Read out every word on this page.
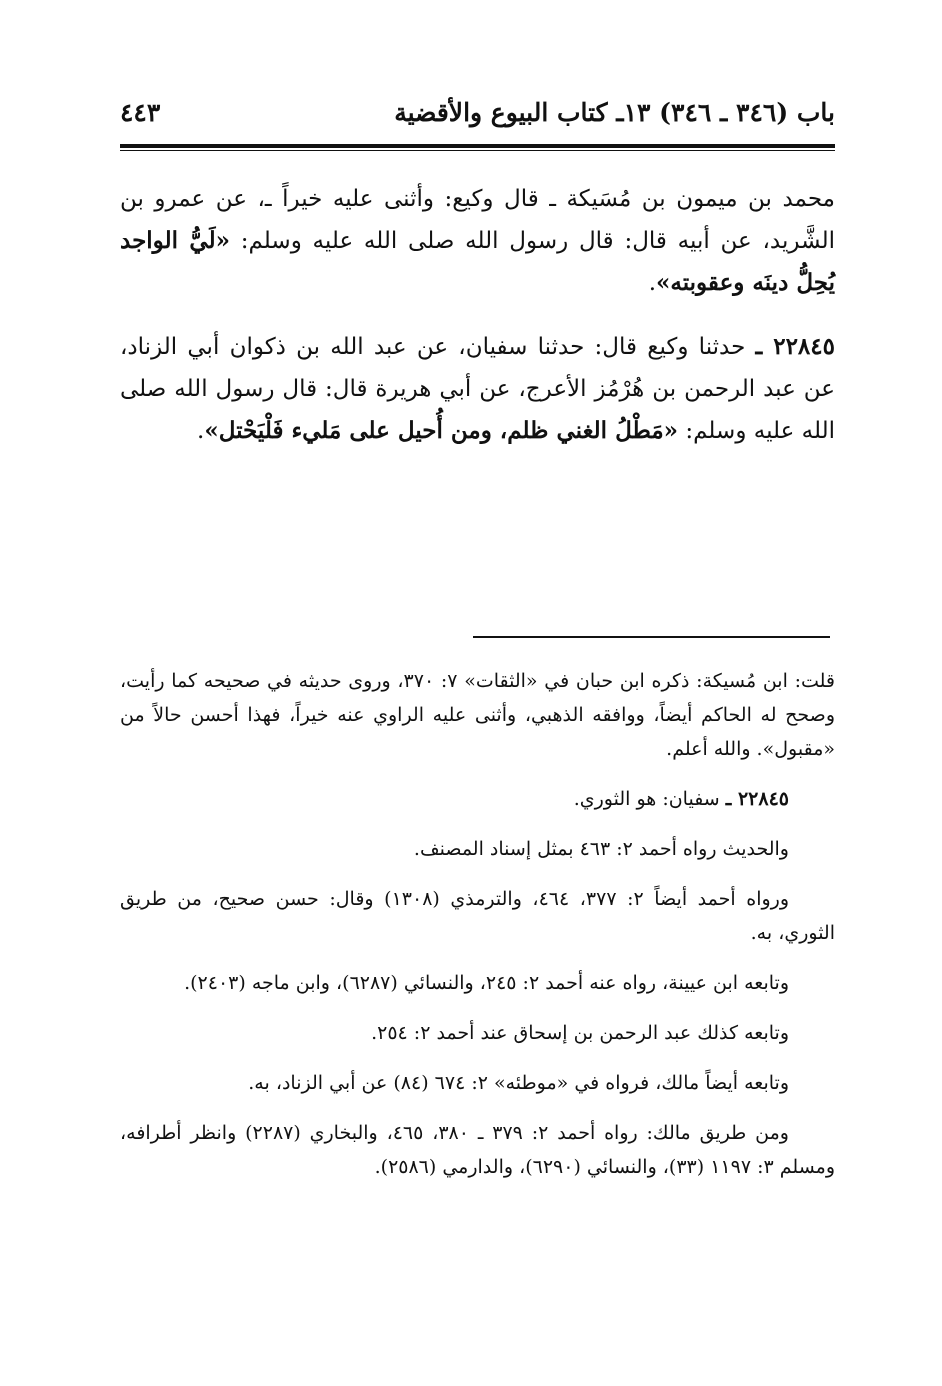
باب (٣٤٦ ـ ٣٤٦) ١٣ـ كتاب البيوع والأقضية
٤٤٣

محمد بن ميمون بن مُسَيكة ـ قال وكيع: وأثنى عليه خيراً ـ، عن عمرو بن الشَّريد، عن أبيه قال: قال رسول الله صلى الله عليه وسلم: «لَيُّ الواجد يُحِلُّ دينَه وعقوبته».

٢٢٨٤٥ ـ حدثنا وكيع قال: حدثنا سفيان، عن عبد الله بن ذكوان أبي الزناد، عن عبد الرحمن بن هُرْمُز الأعرج، عن أبي هريرة قال: قال رسول الله صلى الله عليه وسلم: «مَطْلُ الغني ظلم، ومن أُحيل على مَليء فَلْيَحْتل».

قلت: ابن مُسيكة: ذكره ابن حبان في «الثقات» ٧: ٣٧٠، وروى حديثه في صحيحه كما رأيت، وصحح له الحاكم أيضاً، ووافقه الذهبي، وأثنى عليه الراوي عنه خيراً، فهذا أحسن حالاً من «مقبول». والله أعلم.

٢٢٨٤٥ ـ سفيان: هو الثوري.

والحديث رواه أحمد ٢: ٤٦٣ بمثل إسناد المصنف.

ورواه أحمد أيضاً ٢: ٣٧٧، ٤٦٤، والترمذي (١٣٠٨) وقال: حسن صحيح، من طريق الثوري، به.

وتابعه ابن عيينة، رواه عنه أحمد ٢: ٢٤٥، والنسائي (٦٢٨٧)، وابن ماجه (٢٤٠٣).

وتابعه كذلك عبد الرحمن بن إسحاق عند أحمد ٢: ٢٥٤.

وتابعه أيضاً مالك، فرواه في «موطئه» ٢: ٦٧٤ (٨٤) عن أبي الزناد، به.

ومن طريق مالك: رواه أحمد ٢: ٣٧٩ ـ ٣٨٠، ٤٦٥، والبخاري (٢٢٨٧) وانظر أطرافه، ومسلم ٣: ١١٩٧ (٣٣)، والنسائي (٦٢٩٠)، والدارمي (٢٥٨٦).
